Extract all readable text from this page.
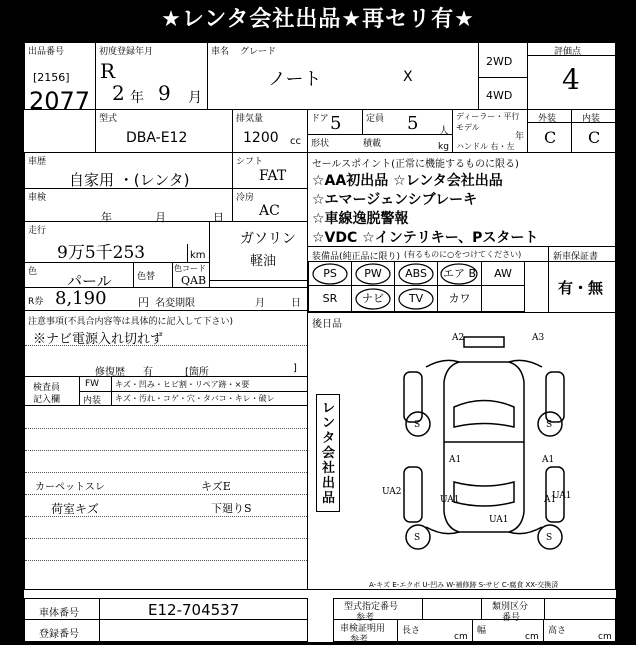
★レンタ会社出品★再セリ有★
出品番号
[2156]
2077
初度登録年月
R
2 年 9 月
車名 グレード
ノート	X
2WD
4WD
評価点
4
型式
DBA-E12
排気量
1200 cc
ドア 5	定員 5 人
形状	積載	kg
ディーラー・平行
モデル
年
ハンドル 右・左
外装
C
内装
C
車歴
自家用 ・(レンタ)
シフト
FAT
車検
年	月	日
冷房
AC
走行
9万5千253	km
ガソリン
軽油
色 パール	色替
色コード
QAB
R券 8,190	円 名変期限	月	日
注意事項(不具合内容等は具体的に記入して下さい)
※ナビ電源入れ切れず
修復歴 有	[箇所	]
検査員
記入欄
FW キズ・凹み・ヒビ割・リペア跡・×要
内装 キズ・汚れ・コゲ・穴・タバコ・キレ・破レ
カーペットスレ
荷室キズ
キズE
下廻りS
セールスポイント(正常に機能するものに限る)
☆AA初出品 ☆レンタ会社出品
☆エマージェンシブレーキ
☆車線逸脱警報
☆VDC ☆インテリキー、Pスタート
装備品(純正品に限り) (有るものに○をつけてください)	新車保証書
有・無
PS	PW	ABS	エア B	AW
SR	ナビ	TV	カワ
後日品
レンタ会社出品
A2	A3
A1	A1
UA1	A1
UA2
UA1
UA1
S	S
S	S
A-キズ E-エクボ U-凹み W-補修跡 S-サビ C-腐食 XX-交換済
車体番号	E12-704537
登録番号
型式指定番号
参考
類別区分
番号
車検証明用
参考
長さ
cm
幅
cm
高さ
cm
